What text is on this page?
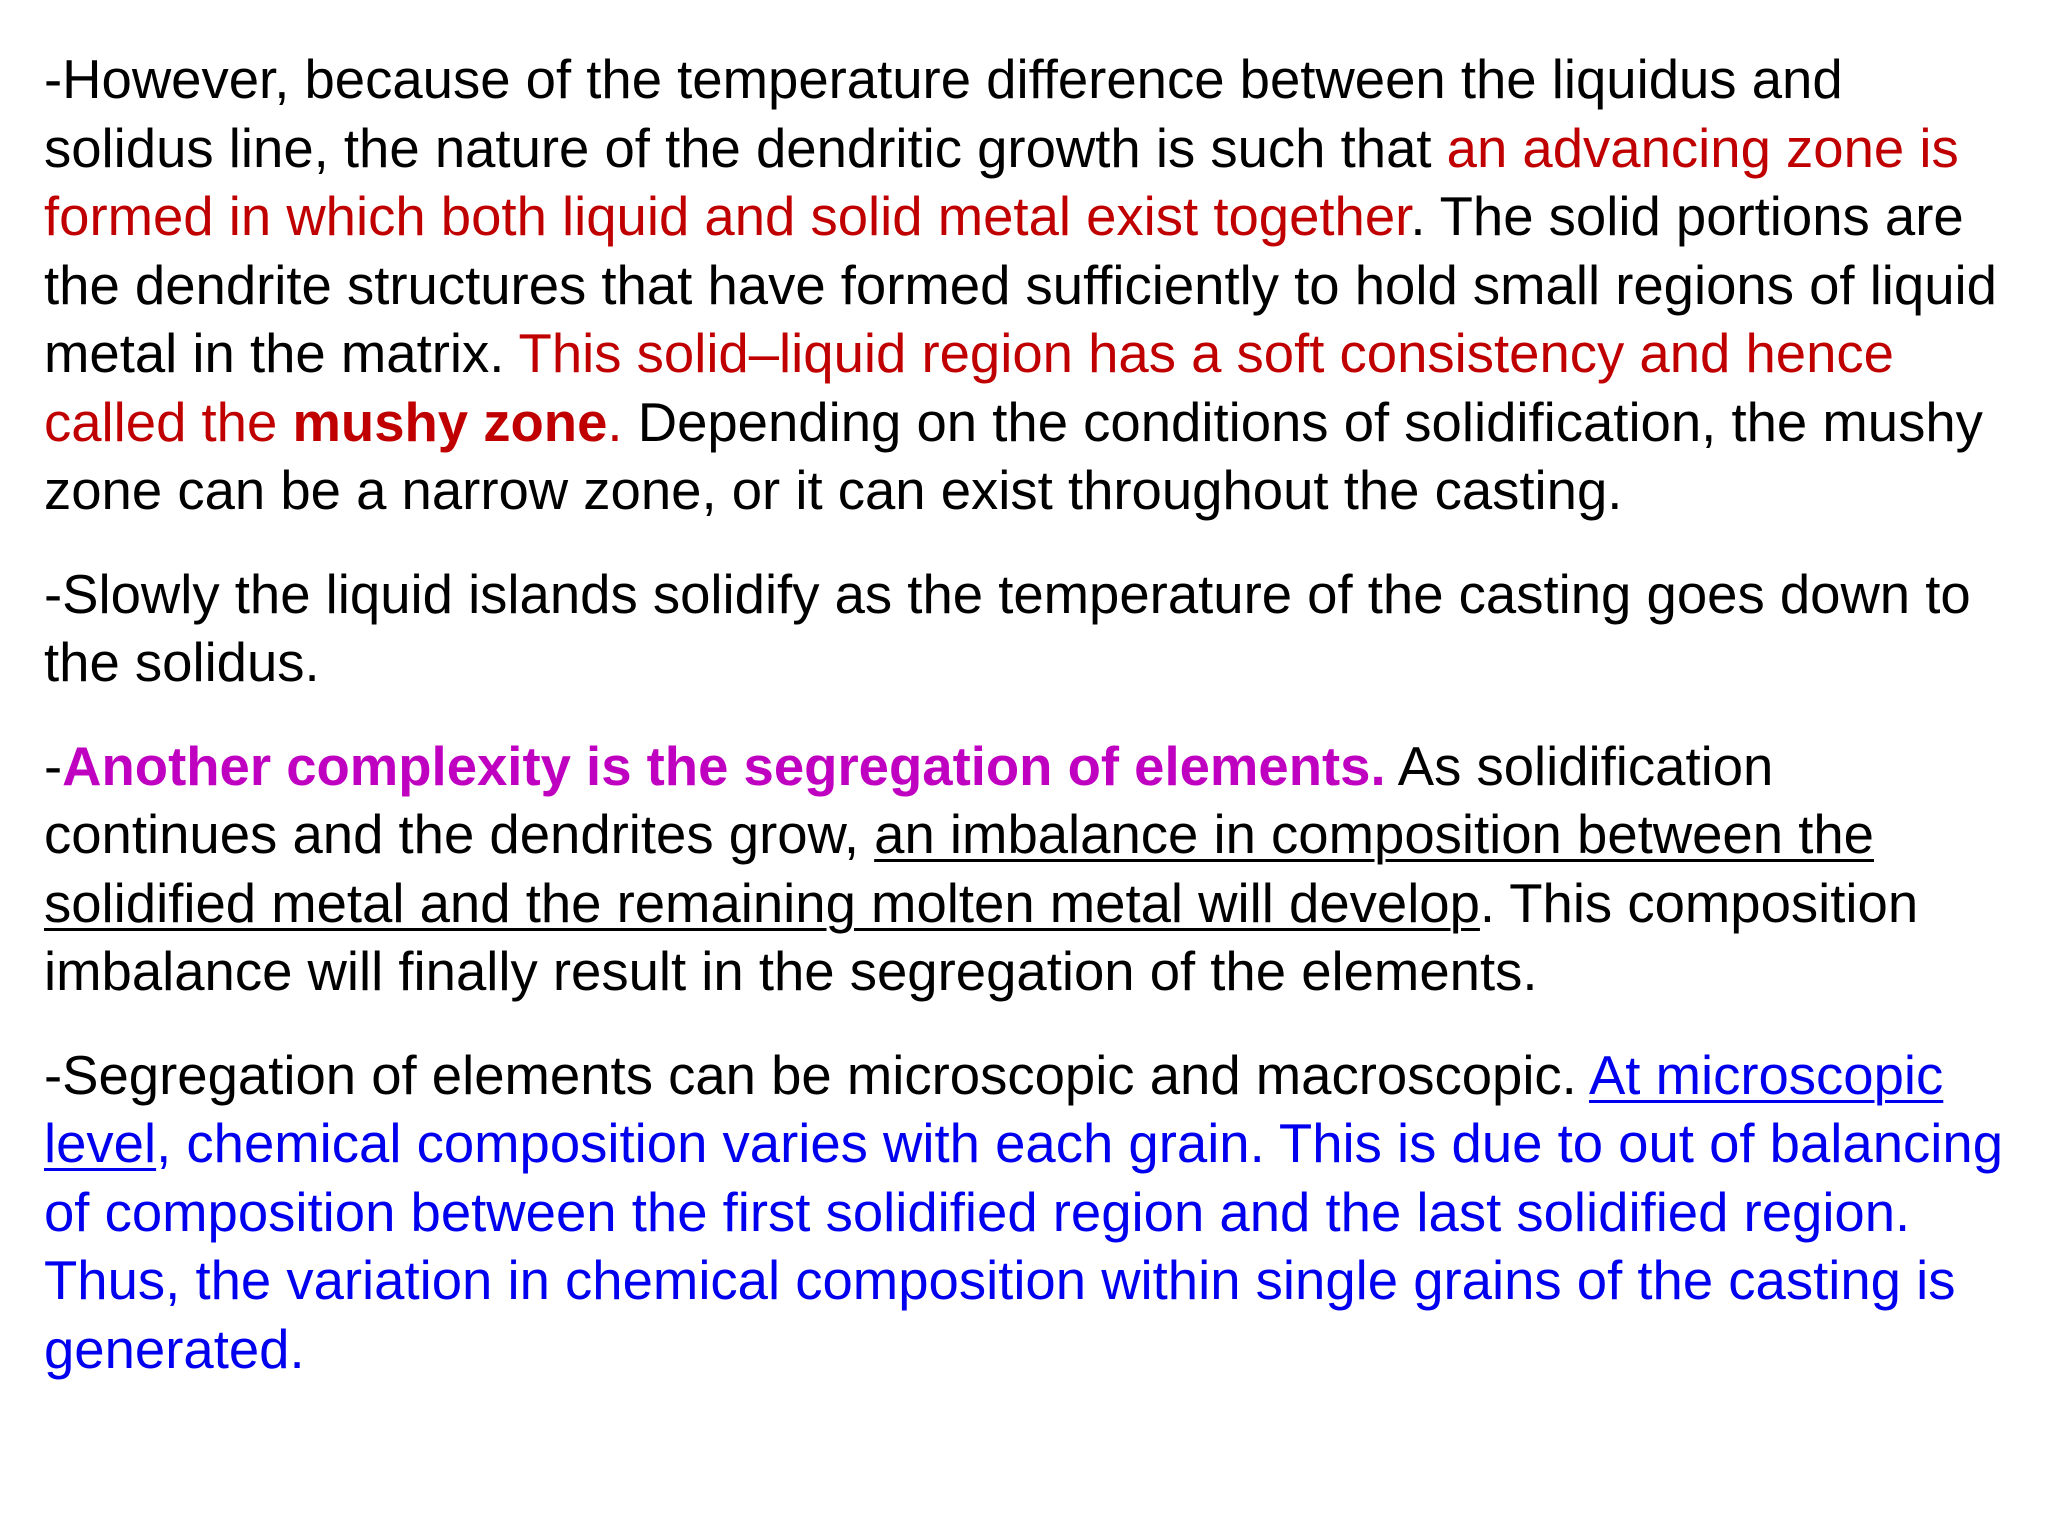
-However, because of the temperature difference between the liquidus and solidus line, the nature of the dendritic growth is such that an advancing zone is formed in which both liquid and solid metal exist together. The solid portions are the dendrite structures that have formed sufficiently to hold small regions of liquid metal in the matrix. This solid–liquid region has a soft consistency and hence called the mushy zone. Depending on the conditions of solidification, the mushy zone can be a narrow zone, or it can exist throughout the casting.

-Slowly the liquid islands solidify as the temperature of the casting goes down to the solidus.

-Another complexity is the segregation of elements. As solidification continues and the dendrites grow, an imbalance in composition between the solidified metal and the remaining molten metal will develop. This composition imbalance will finally result in the segregation of the elements.

-Segregation of elements can be microscopic and macroscopic. At microscopic level, chemical composition varies with each grain. This is due to out of balancing of composition between the first solidified region and the last solidified region. Thus, the variation in chemical composition within single grains of the casting is generated.
